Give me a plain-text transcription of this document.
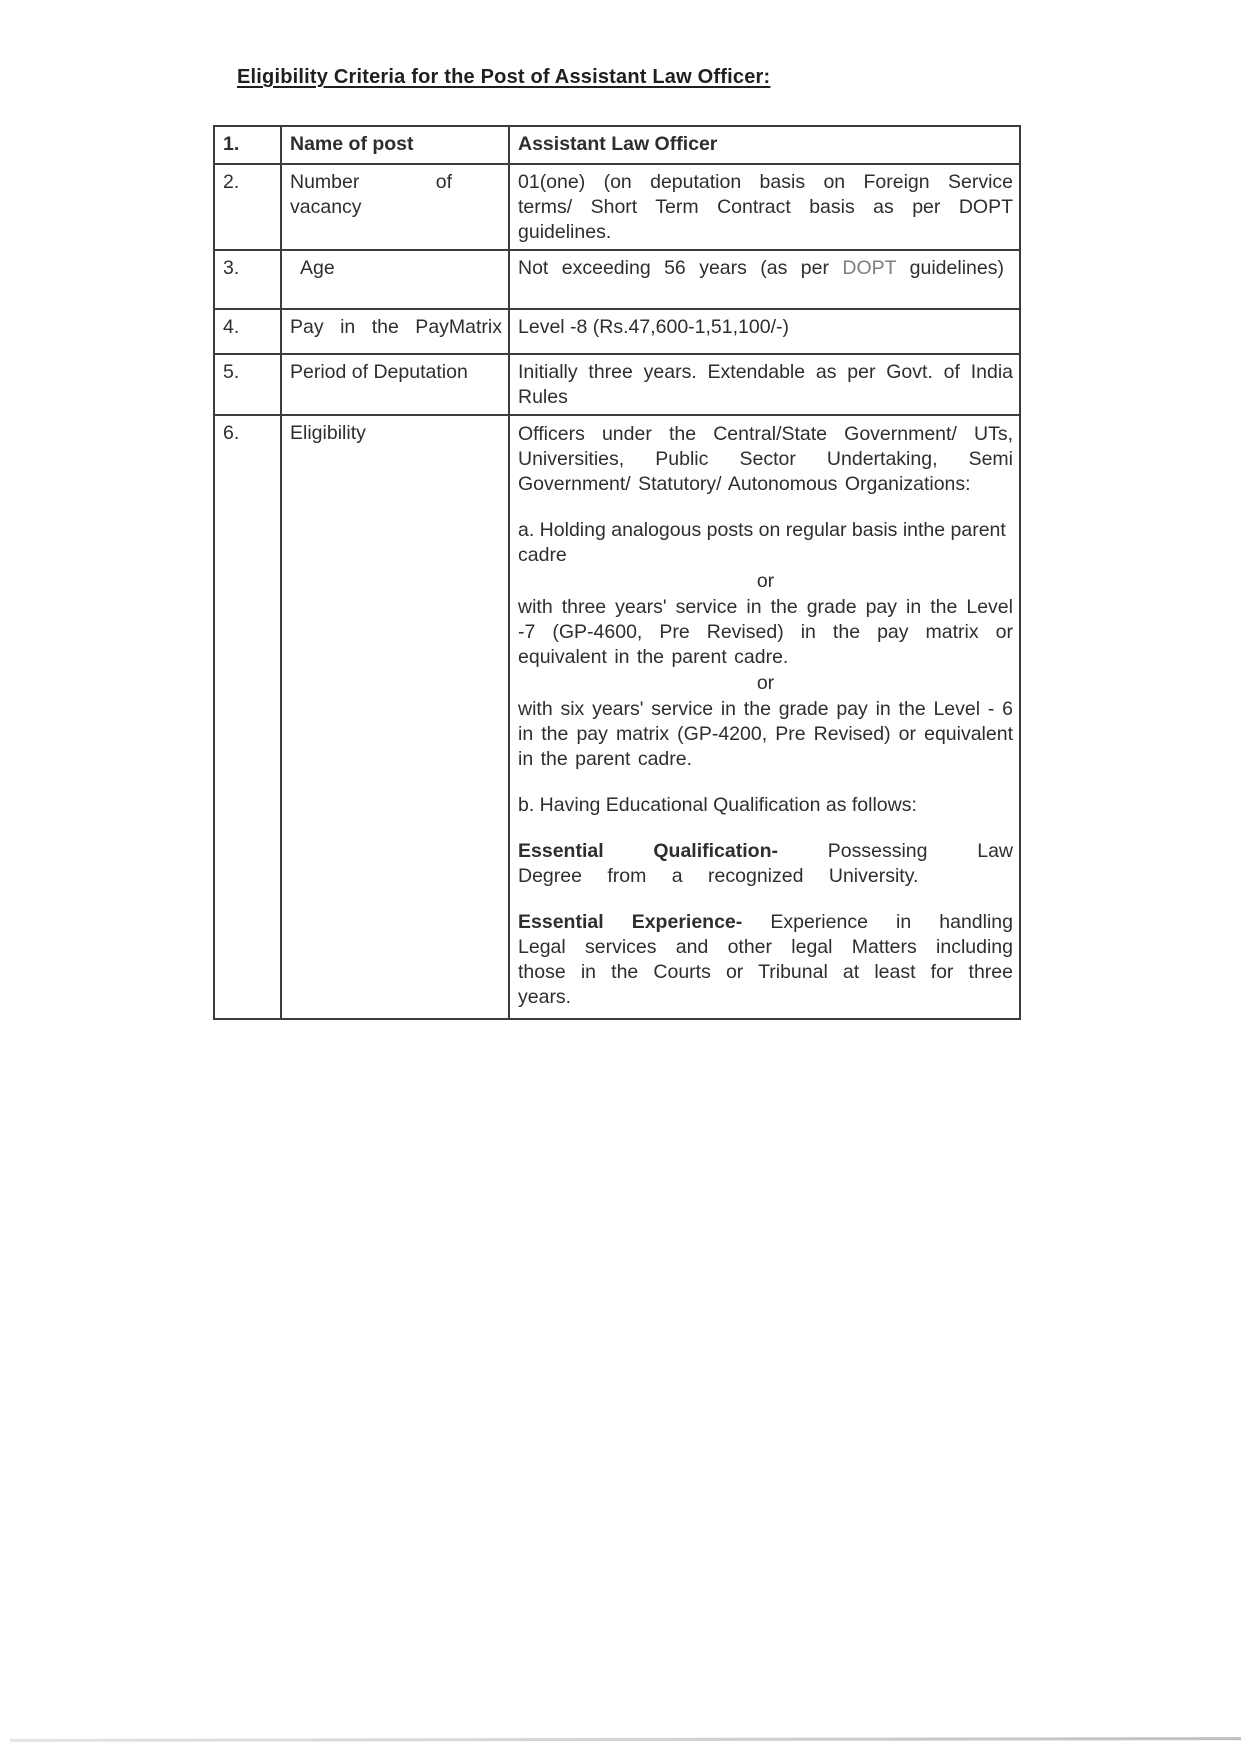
Eligibility Criteria for the Post of Assistant Law Officer:
1.	Name of post	Assistant Law Officer
2.	Number of vacancy	01(one) (on deputation basis on Foreign Service terms/ Short Term Contract basis as per DOPT guidelines.
3.	Age	Not exceeding 56 years (as per DOPT guidelines)
4.	Pay in the PayMatrix	Level -8 (Rs.47,600-1,51,100/-)
5.	Period of Deputation	Initially three years. Extendable as per Govt. of India Rules
6.	Eligibility	Officers under the Central/State Government/ UTs, Universities, Public Sector Undertaking, Semi Government/ Statutory/ Autonomous Organizations:

a. Holding analogous posts on regular basis inthe parent cadre

or

with three years' service in the grade pay in the Level -7 (GP-4600, Pre Revised) in the pay matrix or equivalent in the parent cadre.

or

with six years' service in the grade pay in the Level - 6 in the pay matrix (GP-4200, Pre Revised) or equivalent in the parent cadre.

b. Having Educational Qualification as follows:

Essential Qualification-	Possessing Law Degree from a recognized University.

Essential Experience- Experience in handling Legal services and other legal Matters including those in the Courts or Tribunal at least for three years.
